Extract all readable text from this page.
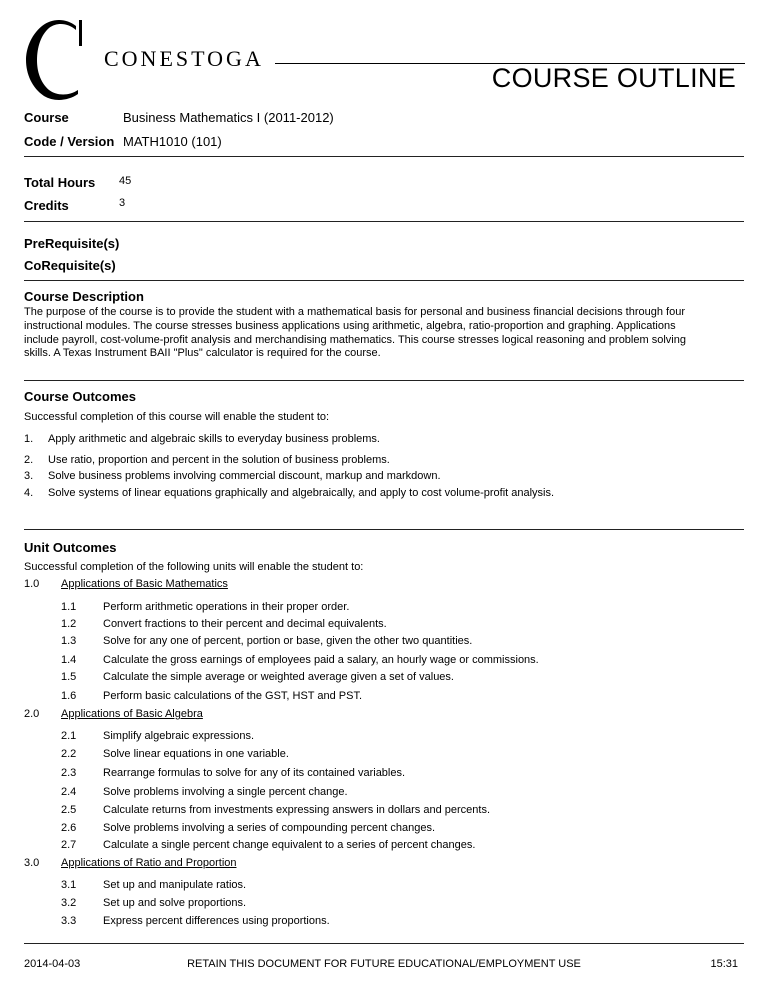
CONESTOGA
COURSE OUTLINE
Course	Business Mathematics I (2011-2012)
Code / Version MATH1010 (101)
Total Hours 45
Credits	3
PreRequisite(s)
CoRequisite(s)
Course Description
The purpose of the course is to provide the student with a mathematical basis for personal and business financial decisions through four
instructional modules. The course stresses business applications using arithmetic, algebra, ratio-proportion and graphing. Applications
include payroll, cost-volume-profit analysis and merchandising mathematics. This course stresses logical reasoning and problem solving
skills. A Texas Instrument BAII "Plus" calculator is required for the course.
Course Outcomes
Successful completion of this course will enable the student to:
1. Apply arithmetic and algebraic skills to everyday business problems.
2. Use ratio, proportion and percent in the solution of business problems.
3. Solve business problems involving commercial discount, markup and markdown.
4. Solve systems of linear equations graphically and algebraically, and apply to cost volume-profit analysis.
Unit Outcomes
Successful completion of the following units will enable the student to:
1.0 Applications of Basic Mathematics
1.1 Perform arithmetic operations in their proper order.
1.2 Convert fractions to their percent and decimal equivalents.
1.3 Solve for any one of percent, portion or base, given the other two quantities.
1.4 Calculate the gross earnings of employees paid a salary, an hourly wage or commissions.
1.5 Calculate the simple average or weighted average given a set of values.
1.6 Perform basic calculations of the GST, HST and PST.
2.0 Applications of Basic Algebra
2.1 Simplify algebraic expressions.
2.2 Solve linear equations in one variable.
2.3 Rearrange formulas to solve for any of its contained variables.
2.4 Solve problems involving a single percent change.
2.5 Calculate returns from investments expressing answers in dollars and percents.
2.6 Solve problems involving a series of compounding percent changes.
2.7 Calculate a single percent change equivalent to a series of percent changes.
3.0 Applications of Ratio and Proportion
3.1 Set up and manipulate ratios.
3.2 Set up and solve proportions.
3.3 Express percent differences using proportions.
2014-04-03	RETAIN THIS DOCUMENT FOR FUTURE EDUCATIONAL/EMPLOYMENT USE	15:31
